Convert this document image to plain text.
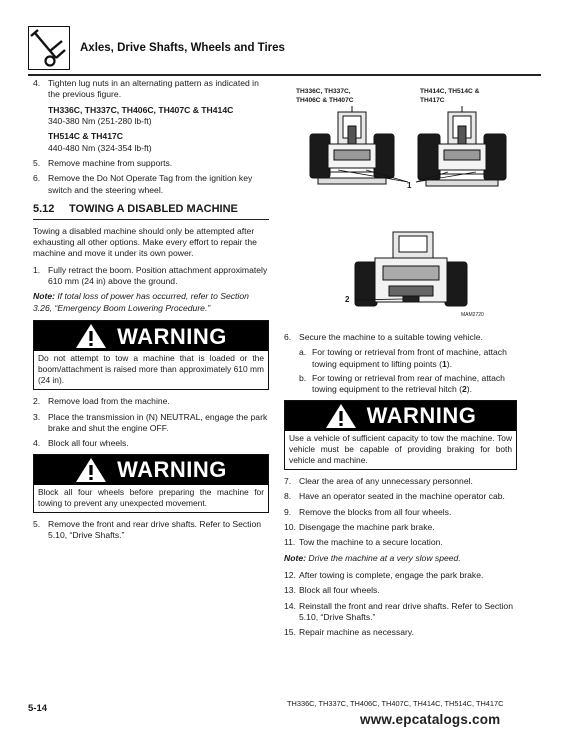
Axles, Drive Shafts, Wheels and Tires
4. Tighten lug nuts in an alternating pattern as indicated in the previous figure.
TH336C, TH337C, TH406C, TH407C & TH414C
340-380 Nm (251-280 lb-ft)
TH514C & TH417C
440-480 Nm (324-354 lb-ft)
5. Remove machine from supports.
6. Remove the Do Not Operate Tag from the ignition key switch and the steering wheel.
5.12	TOWING A DISABLED MACHINE
Towing a disabled machine should only be attempted after exhausting all other options. Make every effort to repair the machine and move it under its own power.
1. Fully retract the boom. Position attachment approximately 610 mm (24 in) above the ground.
Note: If total loss of power has occurred, refer to Section 3.26, “Emergency Boom Lowering Procedure.”
WARNING
Do not attempt to tow a machine that is loaded or the boom/attachment is raised more than approximately 610 mm (24 in).
2. Remove load from the machine.
3. Place the transmission in (N) NEUTRAL, engage the park brake and shut the engine OFF.
4. Block all four wheels.
WARNING
Block all four wheels before preparing the machine for towing to prevent any unexpected movement.
5. Remove the front and rear drive shafts. Refer to Section 5.10, “Drive Shafts.”
TH336C, TH337C,
TH406C & TH407C
TH414C, TH514C &
TH417C
1
2
MAM2720
6. Secure the machine to a suitable towing vehicle.
a. For towing or retrieval from front of machine, attach towing equipment to lifting points (1).
b. For towing or retrieval from rear of machine, attach towing equipment to the retrieval hitch (2).
WARNING
Use a vehicle of sufficient capacity to tow the machine. Tow vehicle must be capable of providing braking for both vehicle and machine.
7. Clear the area of any unnecessary personnel.
8. Have an operator seated in the machine operator cab.
9. Remove the blocks from all four wheels.
10. Disengage the machine park brake.
11. Tow the machine to a secure location.
Note: Drive the machine at a very slow speed.
12. After towing is complete, engage the park brake.
13. Block all four wheels.
14. Reinstall the front and rear drive shafts. Refer to Section 5.10, “Drive Shafts.”
15. Repair machine as necessary.
5-14	TH336C, TH337C, TH406C, TH407C, TH414C, TH514C, TH417C
www.epcatalogs.com
